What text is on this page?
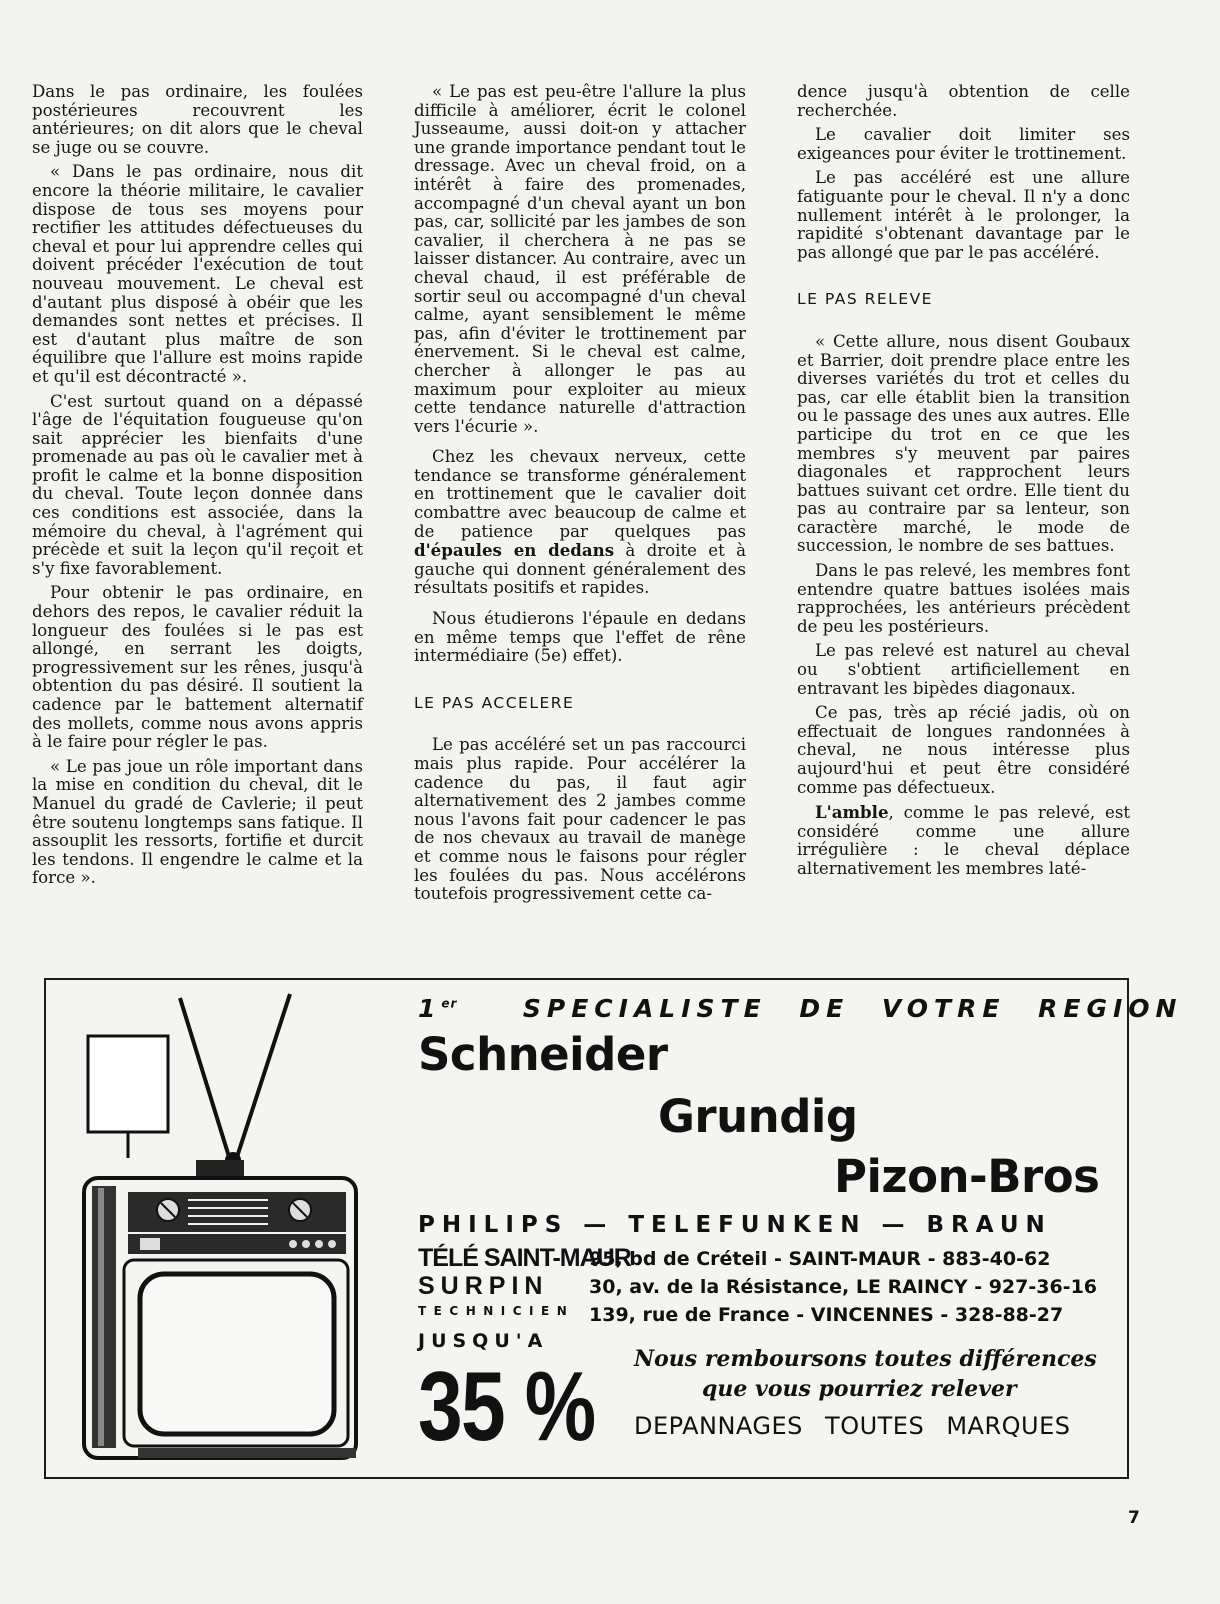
Dans le pas ordinaire, les foulées postérieures recouvrent les antérieures; on dit alors que le cheval se juge ou se couvre.

« Dans le pas ordinaire, nous dit encore la théorie militaire, le cavalier dispose de tous ses moyens pour rectifier les attitudes défectueuses du cheval et pour lui apprendre celles qui doivent précéder l'exécution de tout nouveau mouvement. Le cheval est d'autant plus disposé à obéir que les demandes sont nettes et précises. Il est d'autant plus maître de son équilibre que l'allure est moins rapide et qu'il est décontracté ».

C'est surtout quand on a dépassé l'âge de l'équitation fougueuse qu'on sait apprécier les bienfaits d'une promenade au pas où le cavalier met à profit le calme et la bonne disposition du cheval. Toute leçon donnée dans ces conditions est associée, dans la mémoire du cheval, à l'agrément qui précède et suit la leçon qu'il reçoit et s'y fixe favorablement.

Pour obtenir le pas ordinaire, en dehors des repos, le cavalier réduit la longueur des foulées si le pas est allongé, en serrant les doigts, progressivement sur les rênes, jusqu'à obtention du pas désiré. Il soutient la cadence par le battement alternatif des mollets, comme nous avons appris à le faire pour régler le pas.

« Le pas joue un rôle important dans la mise en condition du cheval, dit le Manuel du gradé de Cavlerie; il peut être soutenu longtemps sans fatique. Il assouplit les ressorts, fortifie et durcit les tendons. Il engendre le calme et la force ».

« Le pas est peu-être l'allure la plus difficile à améliorer, écrit le colonel Jusseaume, aussi doit-on y attacher une grande importance pendant tout le dressage. Avec un cheval froid, on a intérêt à faire des promenades, accompagné d'un cheval ayant un bon pas, car, sollicité par les jambes de son cavalier, il cherchera à ne pas se laisser distancer. Au contraire, avec un cheval chaud, il est préférable de sortir seul ou accompagné d'un cheval calme, ayant sensiblement le même pas, afin d'éviter le trottinement par énervement. Si le cheval est calme, chercher à allonger le pas au maximum pour exploiter au mieux cette tendance naturelle d'attraction vers l'écurie ».

Chez les chevaux nerveux, cette tendance se transforme généralement en trottinement que le cavalier doit combattre avec beaucoup de calme et de patience par quelques pas d'épaules en dedans à droite et à gauche qui donnent généralement des résultats positifs et rapides.

Nous étudierons l'épaule en dedans en même temps que l'effet de rêne intermédiaire (5e) effet).

LE PAS ACCELERE

Le pas accéléré set un pas raccourci mais plus rapide. Pour accélérer la cadence du pas, il faut agir alternativement des 2 jambes comme nous l'avons fait pour cadencer le pas de nos chevaux au travail de manège et comme nous le faisons pour régler les foulées du pas. Nous accélérons toutefois progressivement cette ca-

dence jusqu'à obtention de celle recherchée.

Le cavalier doit limiter ses exigeances pour éviter le trottinement.

Le pas accéléré est une allure fatiguante pour le cheval. Il n'y a donc nullement intérêt à le prolonger, la rapidité s'obtenant davantage par le pas allongé que par le pas accéléré.

LE PAS RELEVE

« Cette allure, nous disent Goubaux et Barrier, doit prendre place entre les diverses variétés du trot et celles du pas, car elle établit bien la transition ou le passage des unes aux autres. Elle participe du trot en ce que les membres s'y meuvent par paires diagonales et rapprochent leurs battues suivant cet ordre. Elle tient du pas au contraire par sa lenteur, son caractère marché, le mode de succession, le nombre de ses battues.

Dans le pas relevé, les membres font entendre quatre battues isolées mais rapprochées, les antérieurs précèdent de peu les postérieurs.

Le pas relevé est naturel au cheval ou s'obtient artificiellement en entravant les bipèdes diagonaux.

Ce pas, très ap récié jadis, où on effectuait de longues randonnées à cheval, ne nous intéresse plus aujourd'hui et peut être considéré comme pas défectueux.

L'amble, comme le pas relevé, est considéré comme une allure irrégulière : le cheval déplace alternativement les membres laté-

1er	SPECIALISTE DE VOTRE REGION
Schneider
Grundig
Pizon-Bros
PHILIPS — TELEFUNKEN — BRAUN
TÉLÉ SAINT-MAUR
SURPIN
TECHNICIEN
95, bd de Créteil - SAINT-MAUR - 883-40-62
30, av. de la Résistance, LE RAINCY - 927-36-16
139, rue de France - VINCENNES - 328-88-27
JUSQU'A
35 % Nous remboursons toutes différences
que vous pourriez relever
DEPANNAGES TOUTES MARQUES
7
